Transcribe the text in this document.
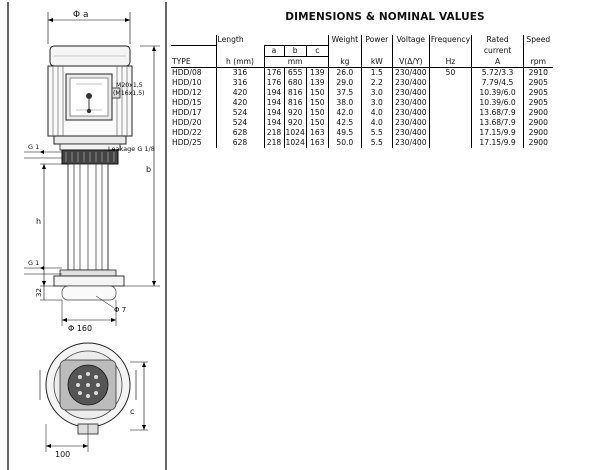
Φ a
M20x1,5
(M16x1,5)
G 1	Leakage G 1/8
G 1
b
h
32
Φ 7
Φ 160
c
100
DIMENSIONS & NOMINAL VALUES
	Length				Weight	Power	Voltage	Frequency	Rated	Speed
		a	b	c					current	
TYPE	h (mm)		mm		kg	kW	V(Δ/Y)	Hz	A	rpm
HDD/08	316	176	655	139	26.0	1.5	230/400	50	5.72/3.3	2910
HDD/10	316	176	680	139	29.0	2.2	230/400		7.79/4.5	2905
HDD/12	420	194	816	150	37.5	3.0	230/400		10.39/6.0	2905
HDD/15	420	194	816	150	38.0	3.0	230/400		10.39/6.0	2905
HDD/17	524	194	920	150	42.0	4.0	230/400		13.68/7.9	2900
HDD/20	524	194	920	150	42.5	4.0	230/400		13.68/7.9	2900
HDD/22	628	218	1024	163	49.5	5.5	230/400		17.15/9.9	2900
HDD/25	628	218	1024	163	50.0	5.5	230/400		17.15/9.9	2900
